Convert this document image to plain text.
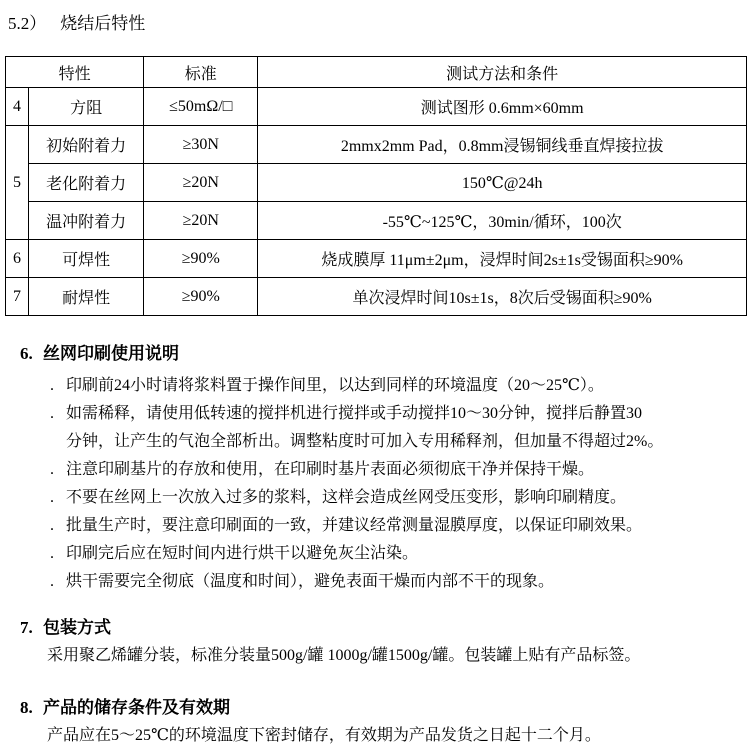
5.2） 烧结后特性
特性		标准	测试方法和条件
4	方阻	≤50mΩ/□	测试图形 0.6mm×60mm
5	初始附着力	≥30N	2mmx2mm Pad，0.8mm浸锡铜线垂直焊接拉拔
	老化附着力	≥20N	150℃@24h
	温冲附着力	≥20N	-55℃~125℃，30min/循环，100次
6	可焊性	≥90%	烧成膜厚 11μm±2μm，浸焊时间2s±1s受锡面积≥90%
7	耐焊性	≥90%	单次浸焊时间10s±1s，8次后受锡面积≥90%
6. 丝网印刷使用说明
. 印刷前24小时请将浆料置于操作间里，以达到同样的环境温度（20～25℃）。
. 如需稀释，请使用低转速的搅拌机进行搅拌或手动搅拌10～30分钟，搅拌后静置30
分钟，让产生的气泡全部析出。调整粘度时可加入专用稀释剂，但加量不得超过2%。
. 注意印刷基片的存放和使用，在印刷时基片表面必须彻底干净并保持干燥。
. 不要在丝网上一次放入过多的浆料，这样会造成丝网受压变形，影响印刷精度。
. 批量生产时，要注意印刷面的一致，并建议经常测量湿膜厚度，以保证印刷效果。
. 印刷完后应在短时间内进行烘干以避免灰尘沾染。
. 烘干需要完全彻底（温度和时间），避免表面干燥而内部不干的现象。
7. 包装方式
采用聚乙烯罐分装，标准分装量500g/罐 1000g/罐1500g/罐。包装罐上贴有产品标签。
8. 产品的储存条件及有效期
产品应在5～25℃的环境温度下密封储存，有效期为产品发货之日起十二个月。
